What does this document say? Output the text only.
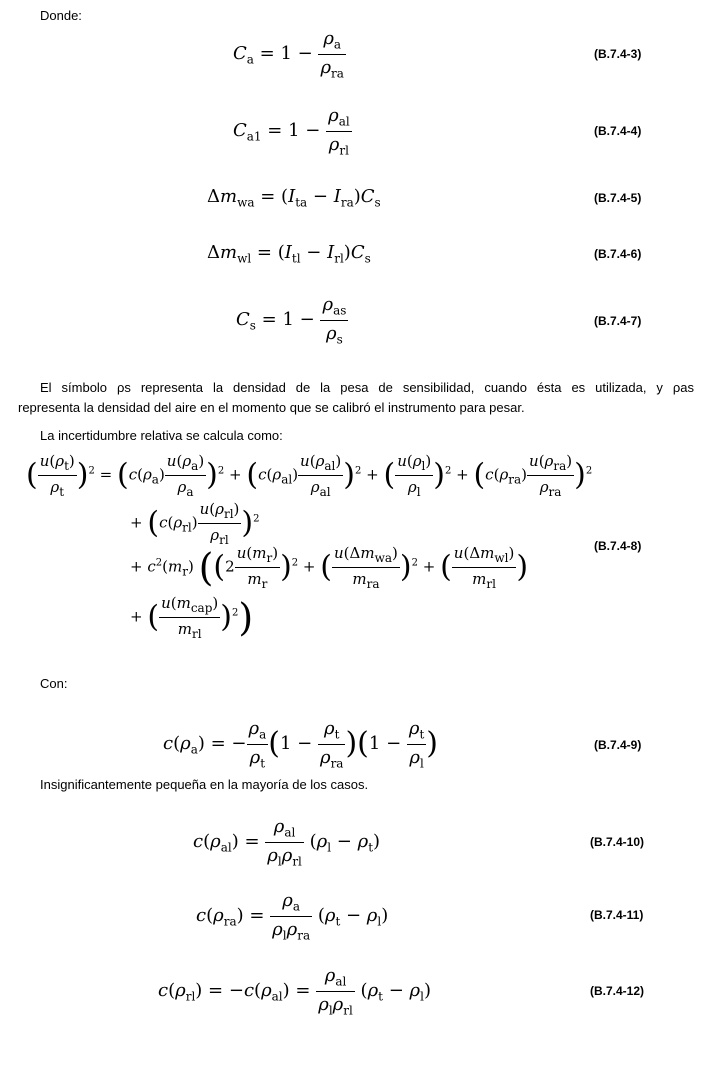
Donde:
$C_a = 1 - \frac{\rho_a}{\rho_{ra}}$	(B.7.4-3)
$C_{a1} = 1 - \frac{\rho_{al}}{\rho_{rl}}$	(B.7.4-4)
$\Delta m_{wa} = (I_{ta} - I_{ra})C_s$	(B.7.4-5)
$\Delta m_{wl} = (I_{tl} - I_{rl})C_s$	(B.7.4-6)
$C_s = 1 - \frac{\rho_{as}}{\rho_s}$	(B.7.4-7)
El símbolo ρs representa la densidad de la pesa de sensibilidad, cuando ésta es utilizada, y ρas
representa la densidad del aire en el momento que se calibró el instrumento para pesar.
La incertidumbre relativa se calcula como:
( $\frac{u(\rho_t)}{\rho_t} )^2 = (c(\rho_a) \frac{u(\rho_a)}{\rho_a} )^2 + (c(\rho_{al}) \frac{u(\rho_{al})}{\rho_{al}} )^2$ + ( $\frac{u(\rho_l)}{\rho_l} )^2 + (c(\rho_{ra}) \frac{u(\rho_{ra})}{\rho_{ra}} )^2$
+ $(c(\rho_{rl}) \frac{u(\rho_{rl})}{\rho_{rl}} )^2$
+ $c^2(m_r)$ ($(2 \frac{u(m_r)}{m_r} )^2$ + ( $\frac{u(\Delta m_{wa})}{m_{ra}} )^2$ + ( $\frac{u(\Delta m_{wl})}{m_{rl}}$ )
(B.7.4-8)
+ ( $\frac{u(m_{cap})}{m_{rl}} )^2$)
Con:
$c(\rho_a)$ = − $\frac{\rho_a}{\rho_t} (1 - \frac{\rho_t}{\rho_{ra}} )(1 - \frac{\rho_t}{\rho_l}$ )	(B.7.4-9)
Insignificantemente pequeña en la mayoría de los casos.
$c(\rho_{al}) = \frac{\rho_{al}}{\rho_l\rho_{rl}} (\rho_l - \rho_t)$	(B.7.4-10)
$c(\rho_{ra}) = \frac{\rho_a}{\rho_l\rho_{ra}} (\rho_t - \rho_l)$	(B.7.4-11)
$c(\rho_{rl}) = -c(\rho_{al}) = \frac{\rho_{al}}{\rho_l\rho_{rl}} (\rho_t - \rho_l)$	(B.7.4-12)
